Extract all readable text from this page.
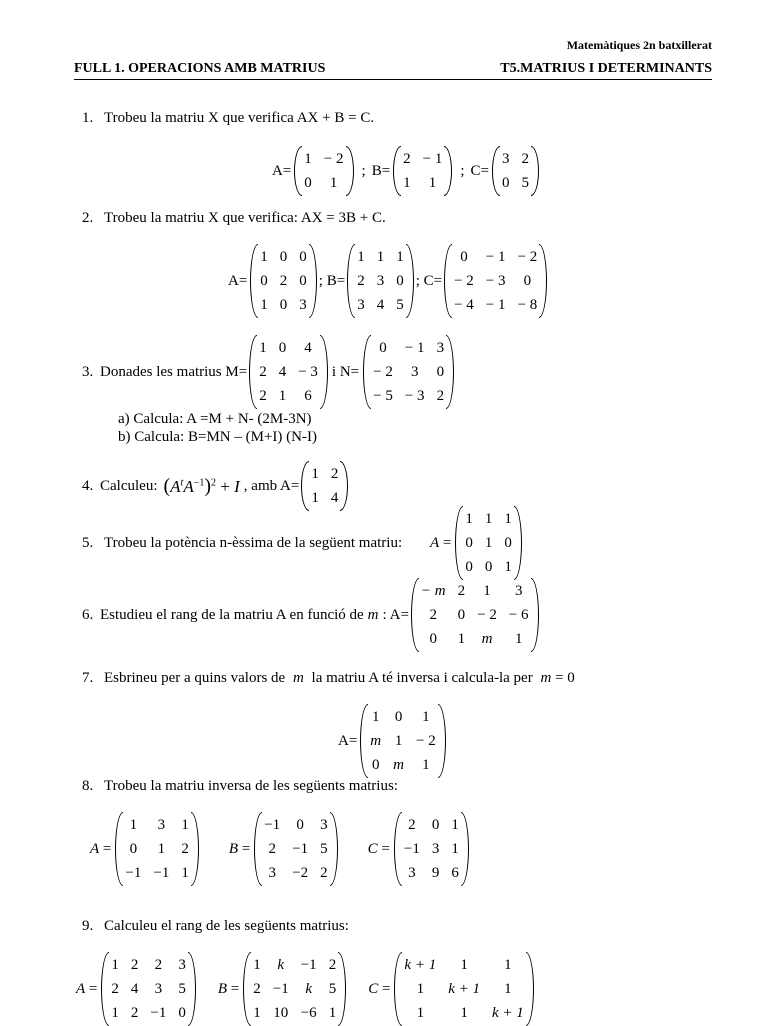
Matemàtiques 2n batxillerat
FULL 1. OPERACIONS AMB MATRIUS	T5.MATRIUS I DETERMINANTS
1. Trobeu la matriu X que verifica AX + B = C.
A=
1 − 2
0 1
; B=
2 − 1
1 1
; C=
3 2
0 5
2. Trobeu la matriu X que verifica: AX = 3B + C.
A=
1 0 0
0 2 0
1 0 3
; B=
1 1 1
2 3 0
3 4 5
; C=
0 − 1 − 2
− 2 − 3 0
− 4 − 1 − 8
3. Donades les matrius M=
1 0 4
2 4 − 3
2 1 6
i N=
0 − 1 3
− 2 3 0
− 5 − 3 2
a) Calcula: A =M + N- (2M-3N)
b) Calcula: B=MN – (M+I) (N-I)
4. Calculeu: $(A^tA^{-1})^2 + I$ , amb A=
1 2
1 4
5. Trobeu la potència n-èssima de la següent matriu: A =
1 1 1
0 1 0
0 0 1
6. Estudieu el rang de la matriu A en funció de m : A=
− m 2 1 3
2 0 − 2 − 6
0 1 m 1
7. Esbrineu per a quins valors de m la matriu A té inversa i calcula-la per m = 0
A=
1 0 1
m 1 − 2
0 m 1
8. Trobeu la matriu inversa de les següents matrius:
A =
1 3 1
0 1 2
−1 −1 1
B =
−1 0 3
2 −1 5
3 −2 2
C =
2 0 1
−1 3 1
3 9 6
9. Calculeu el rang de les següents matrius:
A =
1 2 2 3
2 4 3 5
1 2 −1 0
B =
1 k −1 2
2 −1 k 5
1 10 −6 1
C =
k + 1 1 1
1 k + 1 1
1 1 k + 1
